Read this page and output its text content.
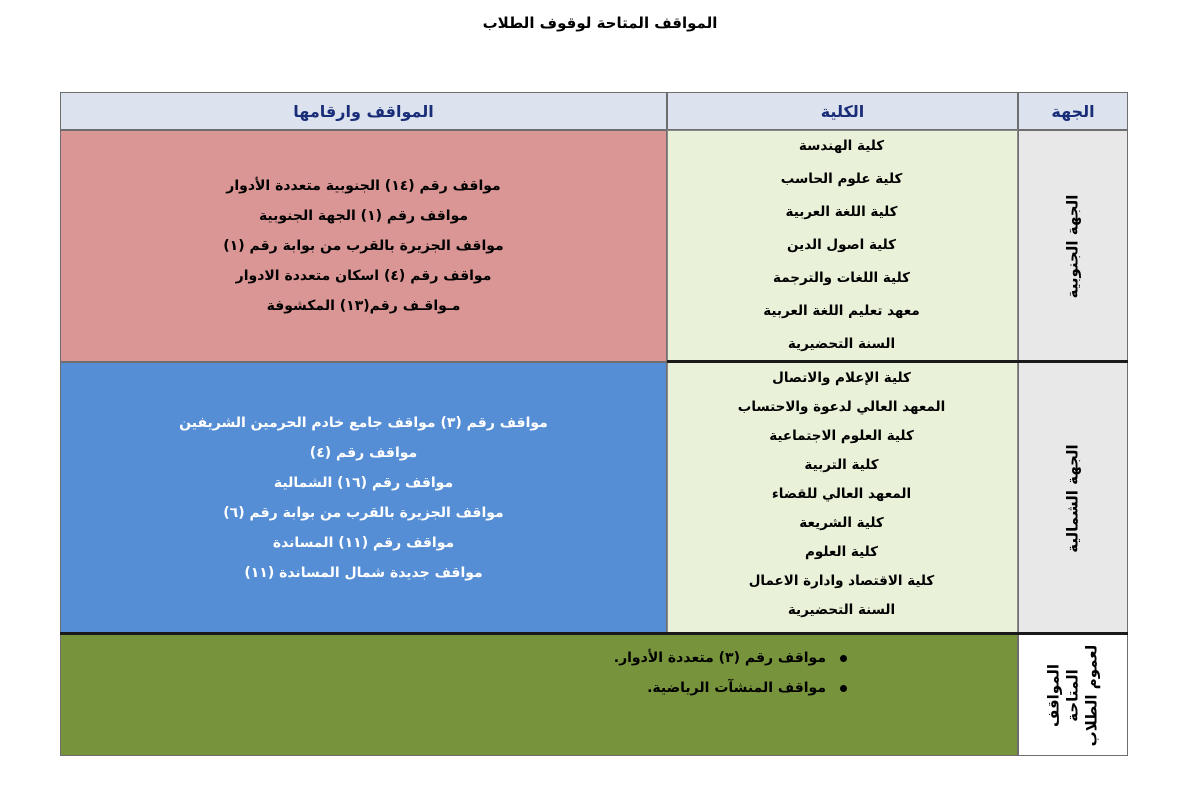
المواقف المتاحة لوقوف الطلاب
الجهة
الكلية
المواقف وارقامها
الجهة الجنوبية
كلية الهندسة
كلية علوم الحاسب
كلية اللغة العربية
كلية اصول الدين
كلية اللغات والترجمة
معهد تعليم اللغة العربية
السنة التحضيرية
مواقف رقم (١٤) الجنوبية متعددة الأدوار
مواقف رقم (١) الجهة الجنوبية
مواقف الجزيرة بالقرب من بوابة رقم (١)
مواقف رقم (٤) اسكان متعددة الادوار
مـواقـف رقم(١٣) المكشوفة
الجهة الشمالية
كلية الإعلام والاتصال
المعهد العالي لدعوة والاحتساب
كلية العلوم الاجتماعية
كلية التربية
المعهد العالي للقضاء
كلية الشريعة
كلية العلوم
كلية الاقتصاد وادارة الاعمال
السنة التحضيرية
مواقف رقم (٣) مواقف جامع خادم الحرمين الشريفين
مواقف رقم (٤)
مواقف رقم (١٦) الشمالية
مواقف الجزيرة بالقرب من بوابة رقم (٦)
مواقف رقم (١١) المساندة
مواقف جديدة شمال المساندة (١١)
المواقف المتاحة لعموم الطلاب
مواقف رقم (٣) متعددة الأدوار.
مواقف المنشآت الرياضية.
